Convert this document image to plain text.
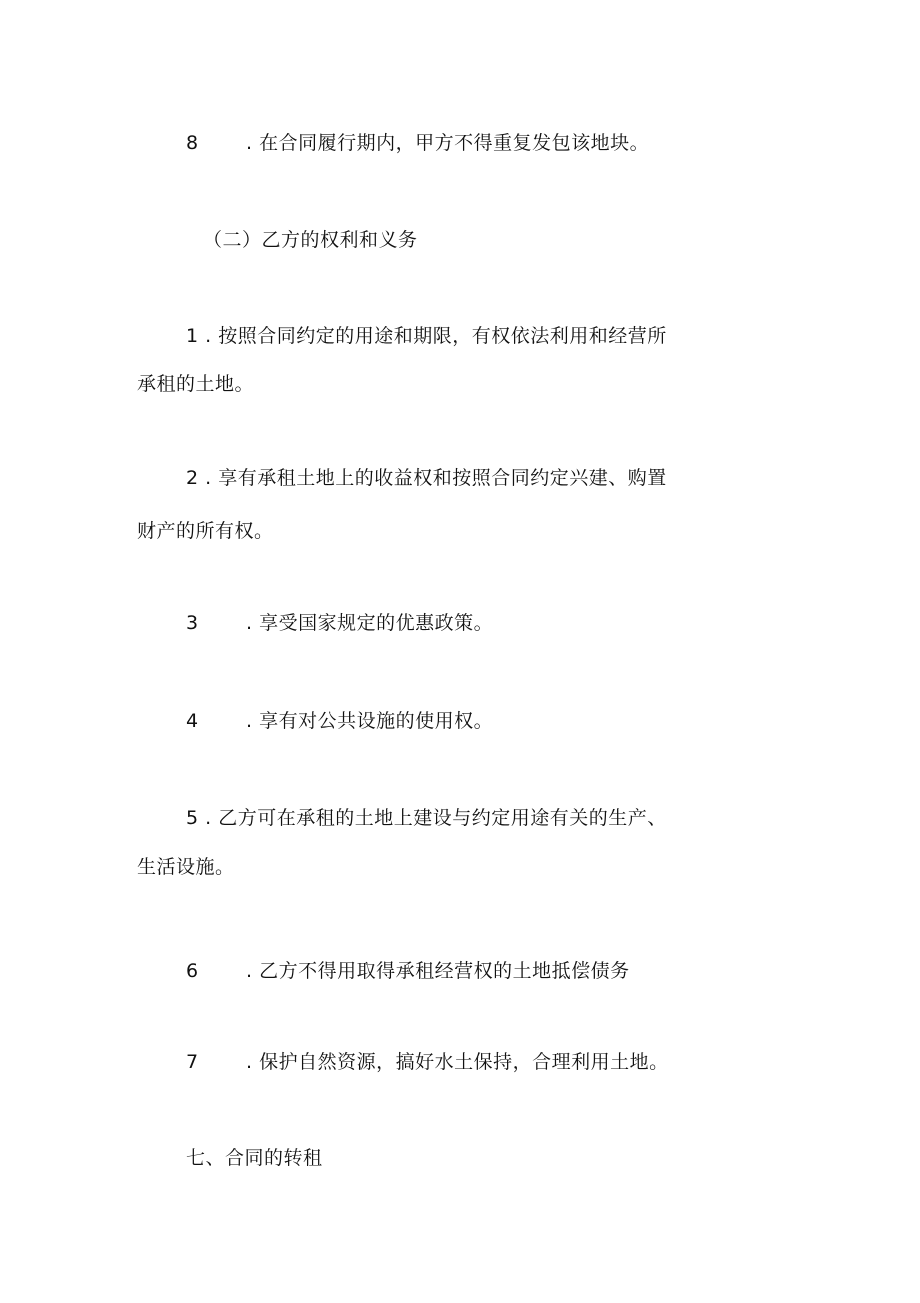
8	. 在合同履行期内，甲方不得重复发包该地块。
（二）乙方的权利和义务
1 . 按照合同约定的用途和期限，有权依法利用和经营所
承租的土地。
2 . 享有承租土地上的收益权和按照合同约定兴建、购置
财产的所有权。
3	. 享受国家规定的优惠政策。
4	. 享有对公共设施的使用权。
5 . 乙方可在承租的土地上建设与约定用途有关的生产、
生活设施。
6	. 乙方不得用取得承租经营权的土地抵偿债务
7	. 保护自然资源，搞好水土保持，合理利用土地。
七、合同的转租
